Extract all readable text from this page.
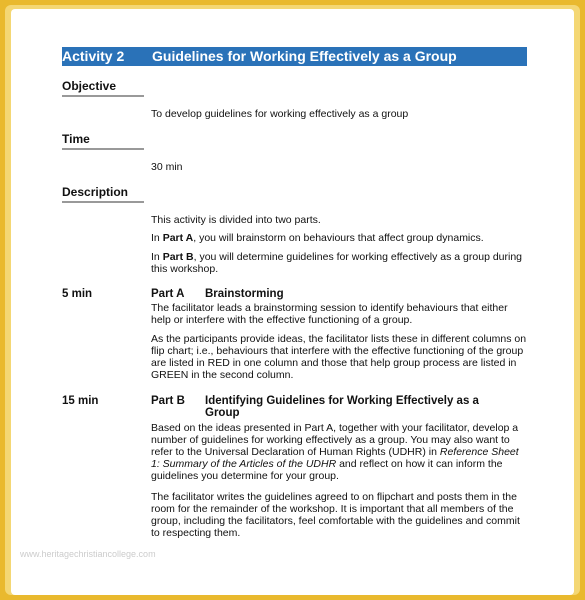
Activity 2 Guidelines for Working Effectively as a Group
Objective
To develop guidelines for working effectively as a group
Time
30 min
Description
This activity is divided into two parts.
In Part A, you will brainstorm on behaviours that affect group dynamics.
In Part B, you will determine guidelines for working effectively as a group during this workshop.
5 min	Part A Brainstorming
The facilitator leads a brainstorming session to identify behaviours that either help or interfere with the effective functioning of a group.
As the participants provide ideas, the facilitator lists these in different columns on flip chart; i.e., behaviours that interfere with the effective functioning of the group are listed in RED in one column and those that help group process are listed in GREEN in the second column.
15 min	Part B Identifying Guidelines for Working Effectively as a Group
Based on the ideas presented in Part A, together with your facilitator, develop a number of guidelines for working effectively as a group. You may also want to refer to the Universal Declaration of Human Rights (UDHR) in Reference Sheet 1: Summary of the Articles of the UDHR and reflect on how it can inform the guidelines you determine for your group.
The facilitator writes the guidelines agreed to on flipchart and posts them in the room for the remainder of the workshop. It is important that all members of the group, including the facilitators, feel comfortable with the guidelines and commit to respecting them.
www.heritagechristiancollege.com
